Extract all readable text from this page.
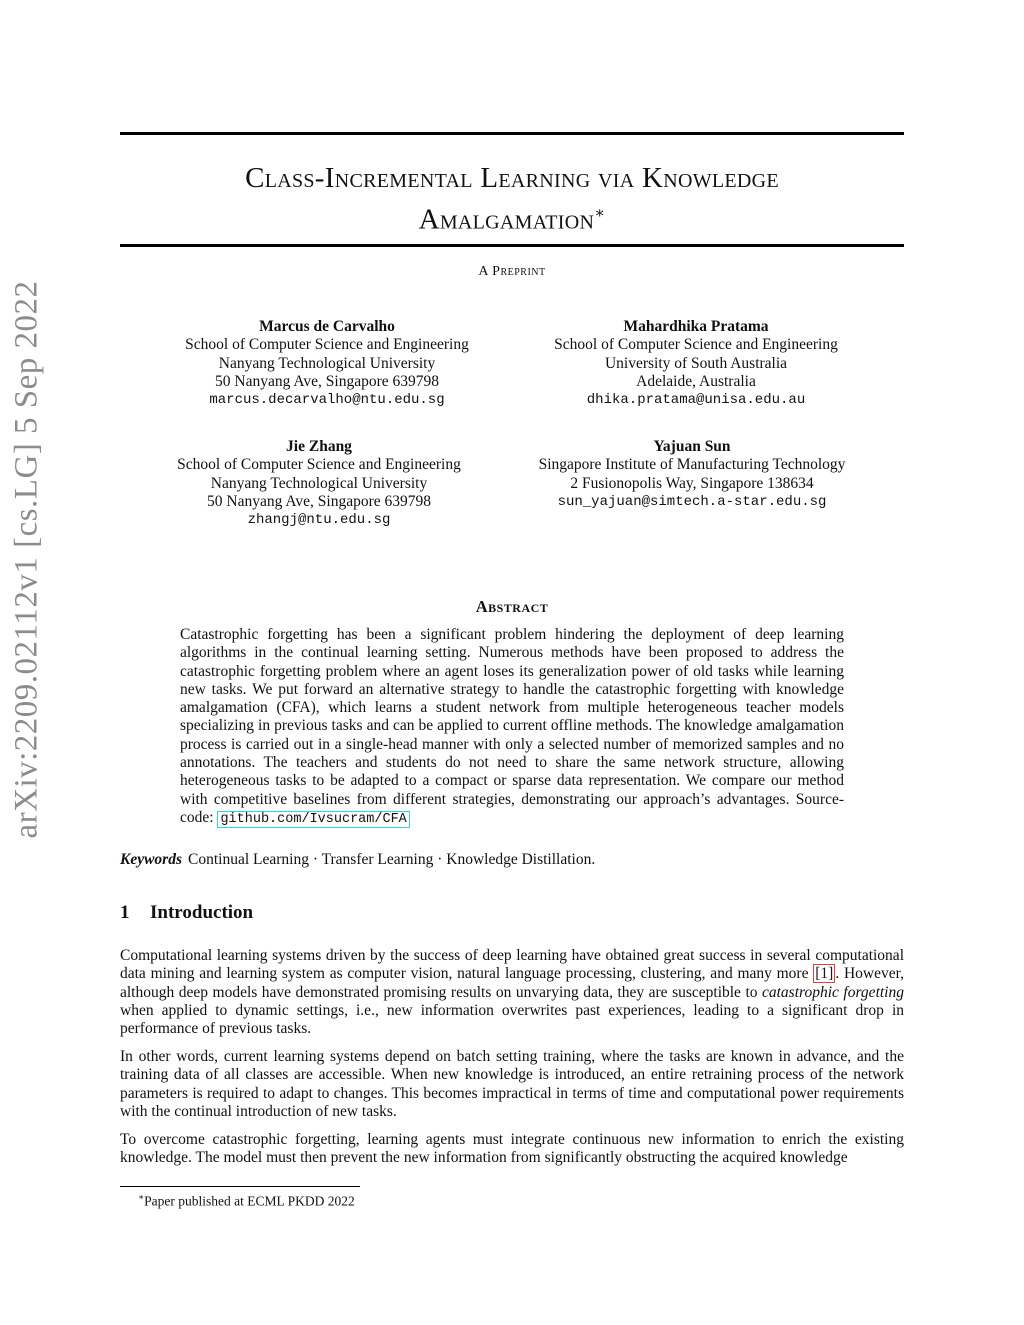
arXiv:2209.02112v1 [cs.LG] 5 Sep 2022
Class-Incremental Learning via Knowledge
Amalgamation∗
A Preprint
Marcus de Carvalho
School of Computer Science and Engineering
Nanyang Technological University
50 Nanyang Ave, Singapore 639798
marcus.decarvalho@ntu.edu.sg
Mahardhika Pratama
School of Computer Science and Engineering
University of South Australia
Adelaide, Australia
dhika.pratama@unisa.edu.au
Jie Zhang
School of Computer Science and Engineering
Nanyang Technological University
50 Nanyang Ave, Singapore 639798
zhangj@ntu.edu.sg
Yajuan Sun
Singapore Institute of Manufacturing Technology
2 Fusionopolis Way, Singapore 138634
sun_yajuan@simtech.a-star.edu.sg
Abstract
Catastrophic forgetting has been a significant problem hindering the deployment of deep learning algorithms in the continual learning setting. Numerous methods have been proposed to address the catastrophic forgetting problem where an agent loses its generalization power of old tasks while learning new tasks. We put forward an alternative strategy to handle the catastrophic forgetting with knowledge amalgamation (CFA), which learns a student network from multiple heterogeneous teacher models specializing in previous tasks and can be applied to current offline methods. The knowledge amalgamation process is carried out in a single-head manner with only a selected number of memorized samples and no annotations. The teachers and students do not need to share the same network structure, allowing heterogeneous tasks to be adapted to a compact or sparse data representation. We compare our method with competitive baselines from different strategies, demonstrating our approach’s advantages. Source-code: github.com/Ivsucram/CFA
Keywords Continual Learning · Transfer Learning · Knowledge Distillation.
1 Introduction
Computational learning systems driven by the success of deep learning have obtained great success in several computational data mining and learning system as computer vision, natural language processing, clustering, and many more [1] . However, although deep models have demonstrated promising results on unvarying data, they are susceptible to catastrophic forgetting when applied to dynamic settings, i.e., new information overwrites past experiences, leading to a significant drop in performance of previous tasks.
In other words, current learning systems depend on batch setting training, where the tasks are known in advance, and the training data of all classes are accessible. When new knowledge is introduced, an entire retraining process of the network parameters is required to adapt to changes. This becomes impractical in terms of time and computational power requirements with the continual introduction of new tasks.
To overcome catastrophic forgetting, learning agents must integrate continuous new information to enrich the existing knowledge. The model must then prevent the new information from significantly obstructing the acquired knowledge
∗Paper published at ECML PKDD 2022
